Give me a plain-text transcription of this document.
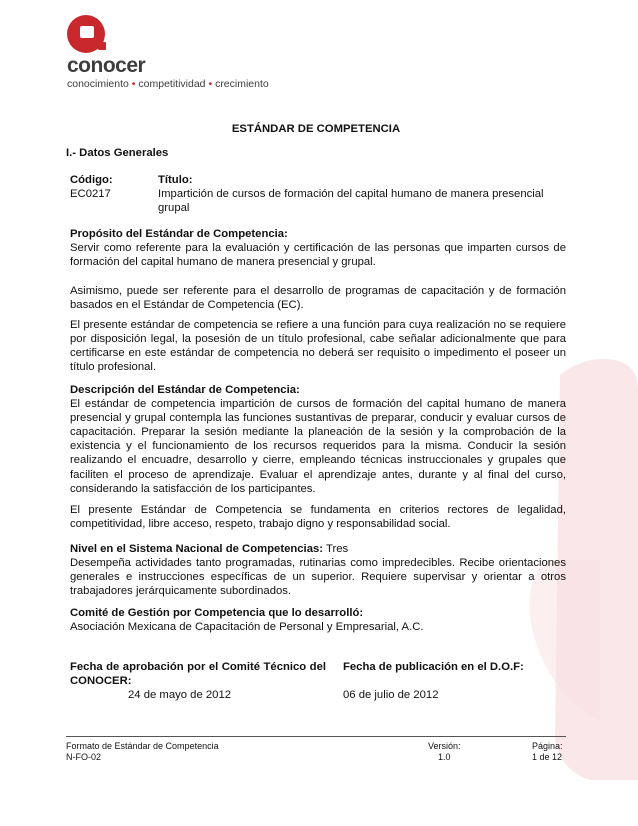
conocer
conocimiento • competitividad • crecimiento
ESTÁNDAR DE COMPETENCIA
I.- Datos Generales
Código:
EC0217
Título:
Impartición de cursos de formación del capital humano de manera presencial
grupal
Propósito del Estándar de Competencia:
Servir como referente para la evaluación y certificación de las personas que imparten cursos de formación del capital humano de manera presencial y grupal.
Asimismo, puede ser referente para el desarrollo de programas de capacitación y de formación basados en el Estándar de Competencia (EC).
El presente estándar de competencia se refiere a una función para cuya realización no se requiere por disposición legal, la posesión de un título profesional, cabe señalar adicionalmente que para certificarse en este estándar de competencia no deberá ser requisito o impedimento el poseer un título profesional.
Descripción del Estándar de Competencia:
El estándar de competencia impartición de cursos de formación del capital humano de manera presencial y grupal contempla las funciones sustantivas de preparar, conducir y evaluar cursos de capacitación. Preparar la sesión mediante la planeación de la sesión y la comprobación de la existencia y el funcionamiento de los recursos requeridos para la misma. Conducir la sesión realizando el encuadre, desarrollo y cierre, empleando técnicas instruccionales y grupales que faciliten el proceso de aprendizaje. Evaluar el aprendizaje antes, durante y al final del curso, considerando la satisfacción de los participantes.
El presente Estándar de Competencia se fundamenta en criterios rectores de legalidad, competitividad, libre acceso, respeto, trabajo digno y responsabilidad social.
Nivel en el Sistema Nacional de Competencias: Tres
Desempeña actividades tanto programadas, rutinarias como impredecibles. Recibe orientaciones generales e instrucciones específicas de un superior. Requiere supervisar y orientar a otros trabajadores jerárquicamente subordinados.
Comité de Gestión por Competencia que lo desarrolló:
Asociación Mexicana de Capacitación de Personal y Empresarial, A.C.
Fecha de aprobación por el Comité Técnico del CONOCER:
24 de mayo de 2012
Fecha de publicación en el D.O.F:
06 de julio de 2012
Formato de Estándar de Competencia
N-FO-02
Versión:
1.0
Página:
1 de 12
